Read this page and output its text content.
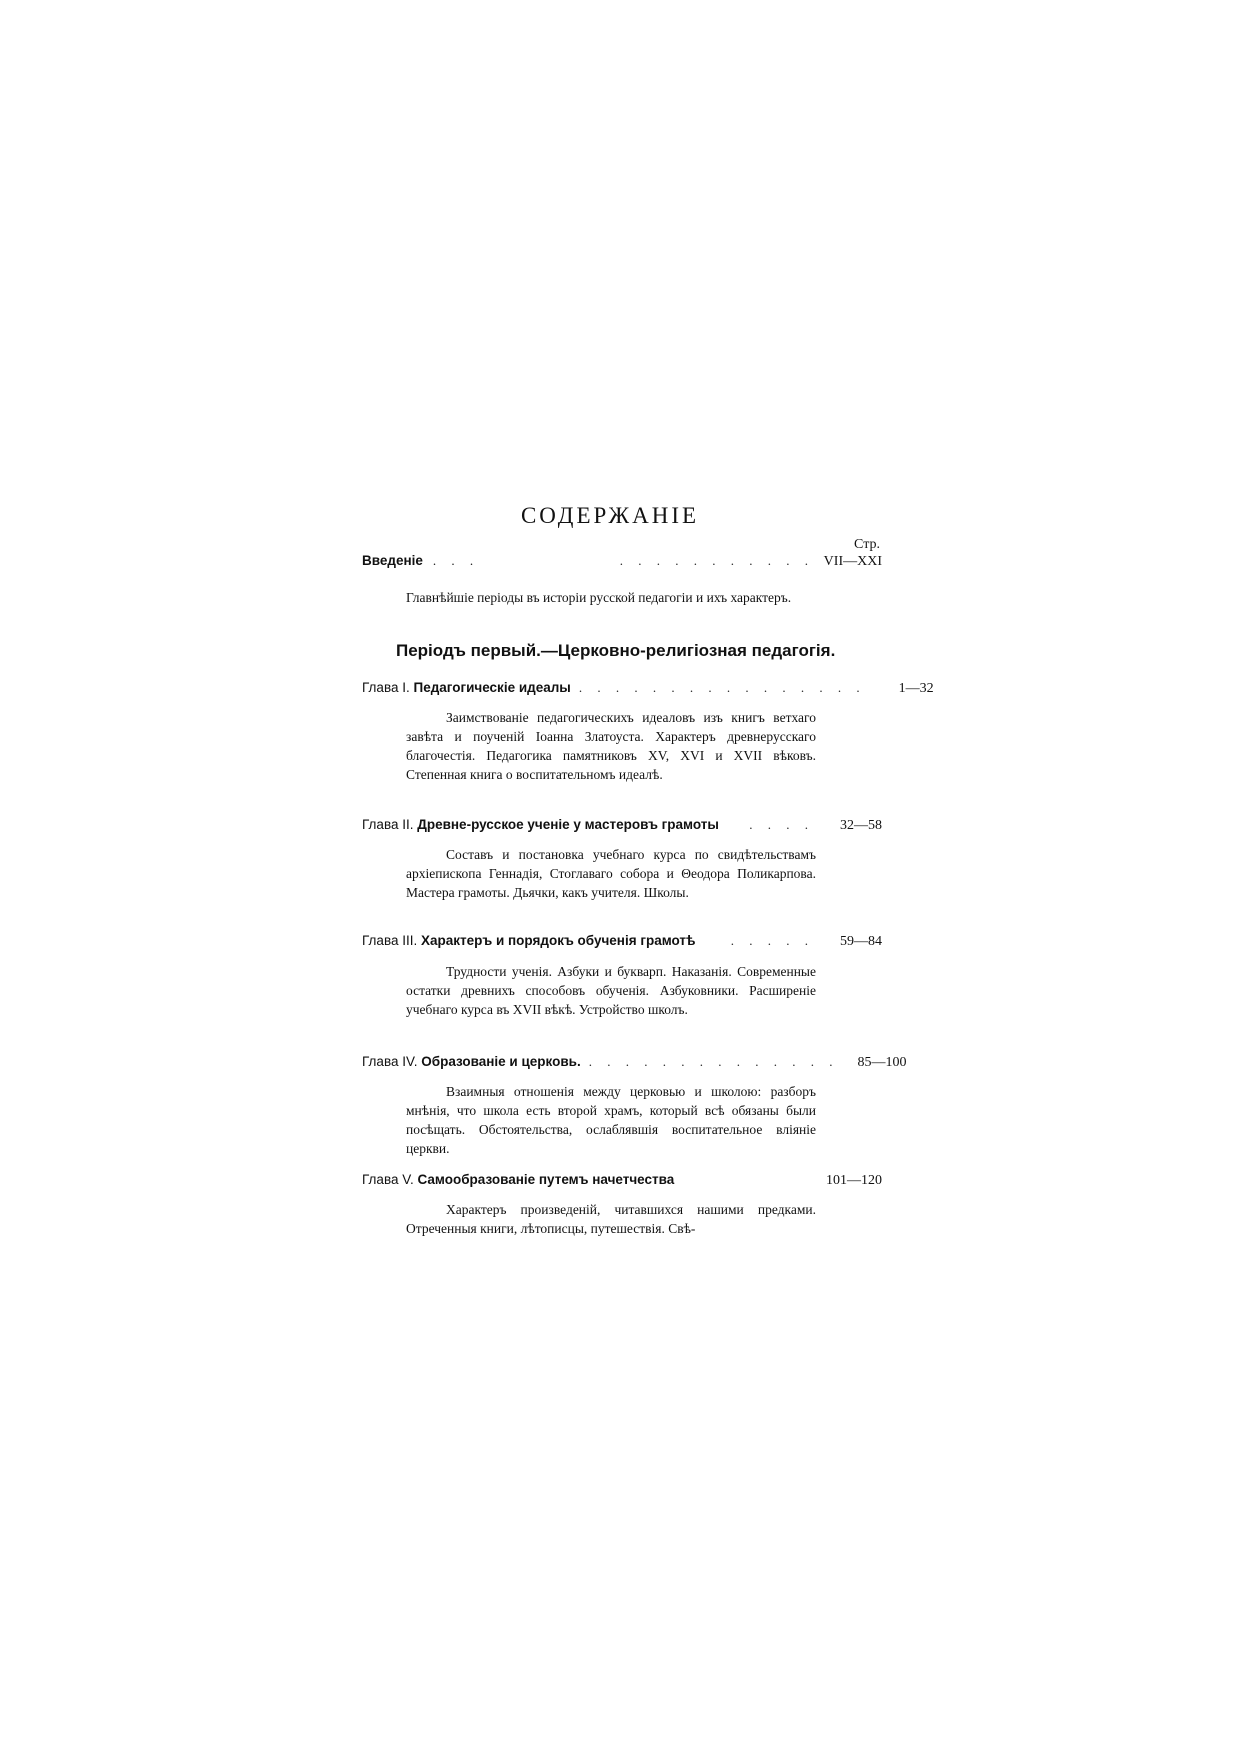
СОДЕРЖАНIЕ
Стр.
Введенiе . . .	. . . . . . . . . . . VII—XXI
Главнѣйшiе перiоды въ исторiи русской педагогiи и ихъ характеръ.
Перiодъ первый.—Церковно-религiозная педагогiя.
Глава I. Педагогическiе идеалы . . . . . . . . . . . . . . . .	1—32
Заимствованiе педагогическихъ идеаловъ изъ книгъ ветхаго завѣта и поученiй Iоанна Златоуста. Характеръ древнерусскаго благочестiя. Педагогика памятниковъ XV, XVI и XVII вѣковъ. Степенная книга о воспитательномъ идеалѣ.
Глава II. Древне-русское ученiе у мастеровъ грамоты	. . . .	32—58
Составъ и постановка учебнаго курса по свидѣтельствамъ архiепископа Геннадiя, Стоглаваго собора и Θеодора Поликарпова. Мастера грамоты. Дьячки, какъ учителя. Школы.
Глава III. Характеръ и порядокъ обученiя грамотѣ	. . . . .	59—84
Трудности ученiя. Азбуки и букварп. Наказанiя. Современные остатки древнихъ способовъ обученiя. Азбуковники. Расширенiе учебнаго курса въ XVII вѣкѣ. Устройство школъ.
Глава IV. Образованiе и церковь. . . . . . . . . . . . . . .	85—100
Взаимныя отношенiя между церковью и школою: разборъ мнѣнiя, что школа есть второй храмъ, который всѣ обязаны были посѣщать. Обстоятельства, ослаблявшiя воспитательное влiянiе церкви.
Глава V. Самообразованiе путемъ начетчества	101—120
Характеръ произведенiй, читавшихся нашими предками. Отреченныя книги, лѣтописцы, путешествiя. Свѣ-
